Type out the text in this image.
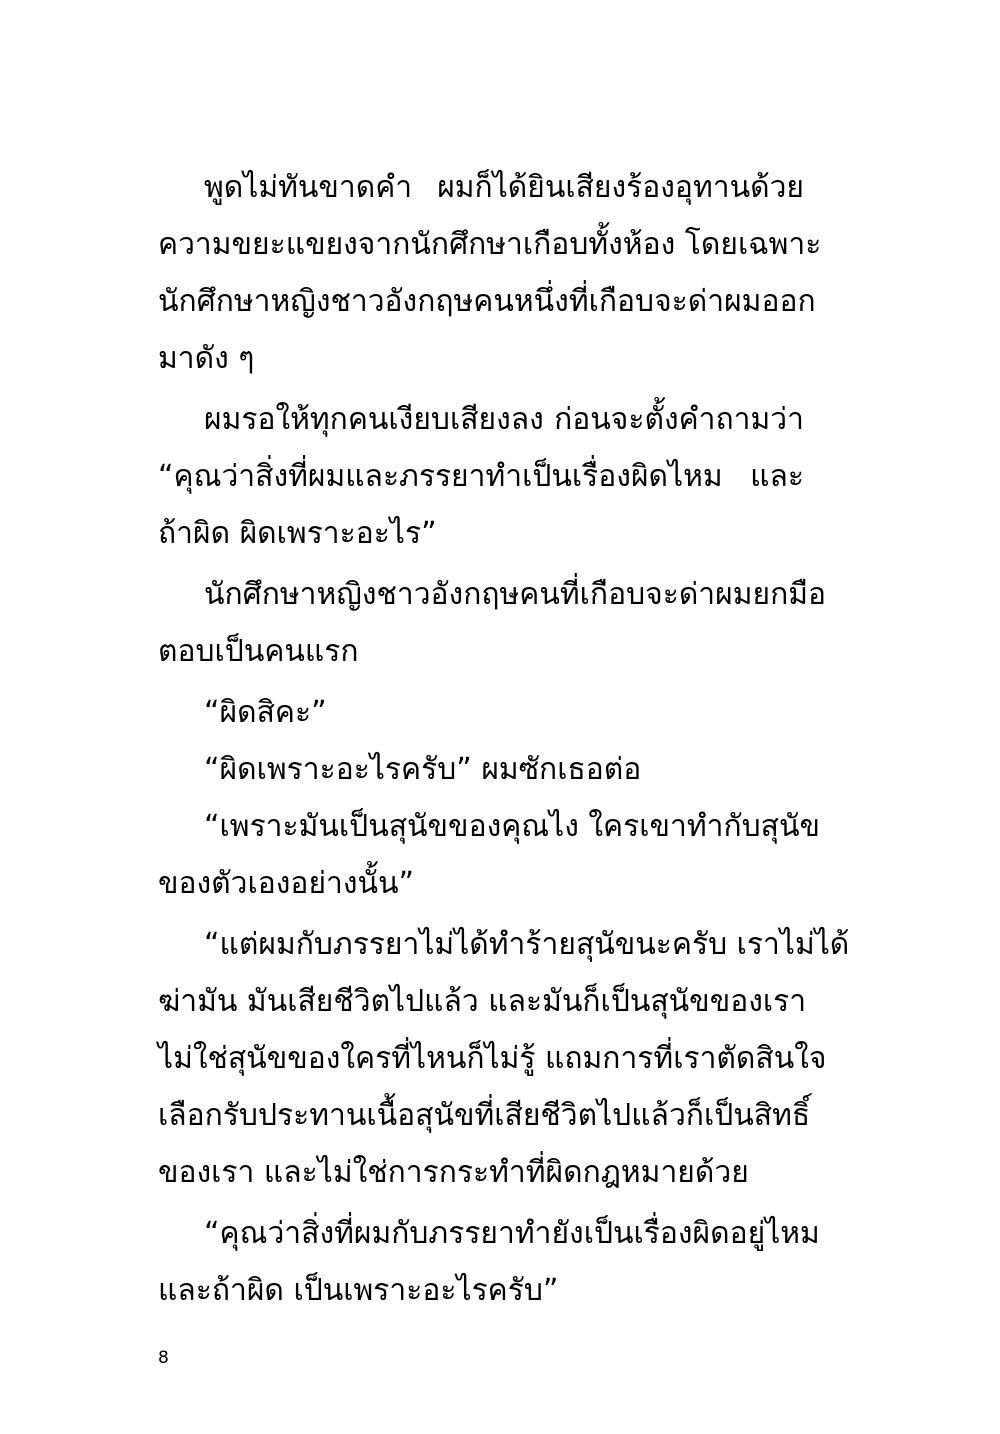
พูดไม่ทันขาดคำ ผมก็ได้ยินเสียงร้องอุทานด้วย
ความขยะแขยงจากนักศึกษาเกือบทั้งห้อง โดยเฉพาะ
นักศึกษาหญิงชาวอังกฤษคนหนึ่งที่เกือบจะด่าผมออก
มาดัง ๆ
ผมรอให้ทุกคนเงียบเสียงลง ก่อนจะตั้งคำถามว่า
“คุณว่าสิ่งที่ผมและภรรยาทำเป็นเรื่องผิดไหม และ
ถ้าผิด ผิดเพราะอะไร”
นักศึกษาหญิงชาวอังกฤษคนที่เกือบจะด่าผมยกมือ
ตอบเป็นคนแรก
“ผิดสิคะ”
“ผิดเพราะอะไรครับ” ผมซักเธอต่อ
“เพราะมันเป็นสุนัขของคุณไง ใครเขาทำกับสุนัข
ของตัวเองอย่างนั้น”
“แต่ผมกับภรรยาไม่ได้ทำร้ายสุนัขนะครับ เราไม่ได้
ฆ่ามัน มันเสียชีวิตไปแล้ว และมันก็เป็นสุนัขของเรา
ไม่ใช่สุนัขของใครที่ไหนก็ไม่รู้ แถมการที่เราตัดสินใจ
เลือกรับประทานเนื้อสุนัขที่เสียชีวิตไปแล้วก็เป็นสิทธิ์
ของเรา และไม่ใช่การกระทำที่ผิดกฎหมายด้วย
“คุณว่าสิ่งที่ผมกับภรรยาทำยังเป็นเรื่องผิดอยู่ไหม
และถ้าผิด เป็นเพราะอะไรครับ”
8
